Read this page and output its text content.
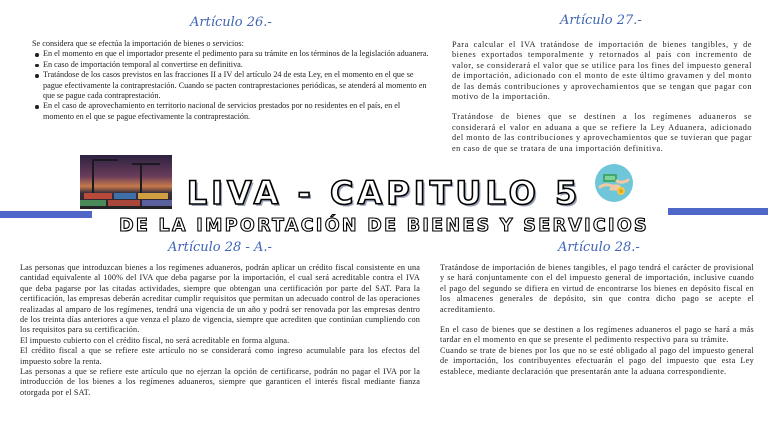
Artículo 26.-

Se considera que se efectúa la importación de bienes o servicios:

En el momento en que el importador presente el pedimento para su trámite en los términos de la legislación aduanera.
En caso de importación temporal al convertirse en definitiva.
Tratándose de los casos previstos en las fracciones II a IV del artículo 24 de esta Ley, en el momento en el que se pague efectivamente la contraprestación. Cuando se pacten contraprestaciones periódicas, se atenderá al momento en que se pague cada contraprestación.
En el caso de aprovechamiento en territorio nacional de servicios prestados por no residentes en el país, en el momento en el que se pague efectivamente la contraprestación.
Artículo 27.-

Para calcular el IVA tratándose de importación de bienes tangibles, y de bienes exportados temporalmente y retornados al país con incremento de valor, se considerará el valor que se utilice para los fines del impuesto general de importación, adicionado con el monto de este último gravamen y del monto de las demás contribuciones y aprovechamientos que se tengan que pagar con motivo de la importación.

Tratándose de bienes que se destinen a los regímenes aduaneros se considerará el valor en aduana a que se refiere la Ley Aduanera, adicionado del monto de las contribuciones y aprovechamientos que se tuvieran que pagar en caso de que se tratara de una importación definitiva.

LIVA - CAPITULO 5
DE LA IMPORTACIÓN DE BIENES Y SERVICIOS
Artículo 28 - A.-

Las personas que introduzcan bienes a los regímenes aduaneros, podrán aplicar un crédito fiscal consistente en una cantidad equivalente al 100% del IVA que deba pagarse por la importación, el cual será acreditable contra el IVA que deba pagarse por las citadas actividades, siempre que obtengan una certificación por parte del SAT. Para la certificación, las empresas deberán acreditar cumplir requisitos que permitan un adecuado control de las operaciones realizadas al amparo de los regímenes, tendrá una vigencia de un año y podrá ser renovada por las empresas dentro de los treinta días anteriores a que venza el plazo de vigencia, siempre que acrediten que continúan cumpliendo con los requisitos para su certificación.

El impuesto cubierto con el crédito fiscal, no será acreditable en forma alguna.

El crédito fiscal a que se refiere este artículo no se considerará como ingreso acumulable para los efectos del impuesto sobre la renta.

Las personas a que se refiere este artículo que no ejerzan la opción de certificarse, podrán no pagar el IVA por la introducción de los bienes a los regímenes aduaneros, siempre que garanticen el interés fiscal mediante fianza otorgada por el SAT.

Artículo 28.-

Tratándose de importación de bienes tangibles, el pago tendrá el carácter de provisional y se hará conjuntamente con el del impuesto general de importación, inclusive cuando el pago del segundo se difiera en virtud de encontrarse los bienes en depósito fiscal en los almacenes generales de depósito, sin que contra dicho pago se acepte el acreditamiento.

En el caso de bienes que se destinen a los regímenes aduaneros el pago se hará a más tardar en el momento en que se presente el pedimento respectivo para su trámite.

Cuando se trate de bienes por los que no se esté obligado al pago del impuesto general de importación, los contribuyentes efectuarán el pago del impuesto que esta Ley establece, mediante declaración que presentarán ante la aduana correspondiente.
